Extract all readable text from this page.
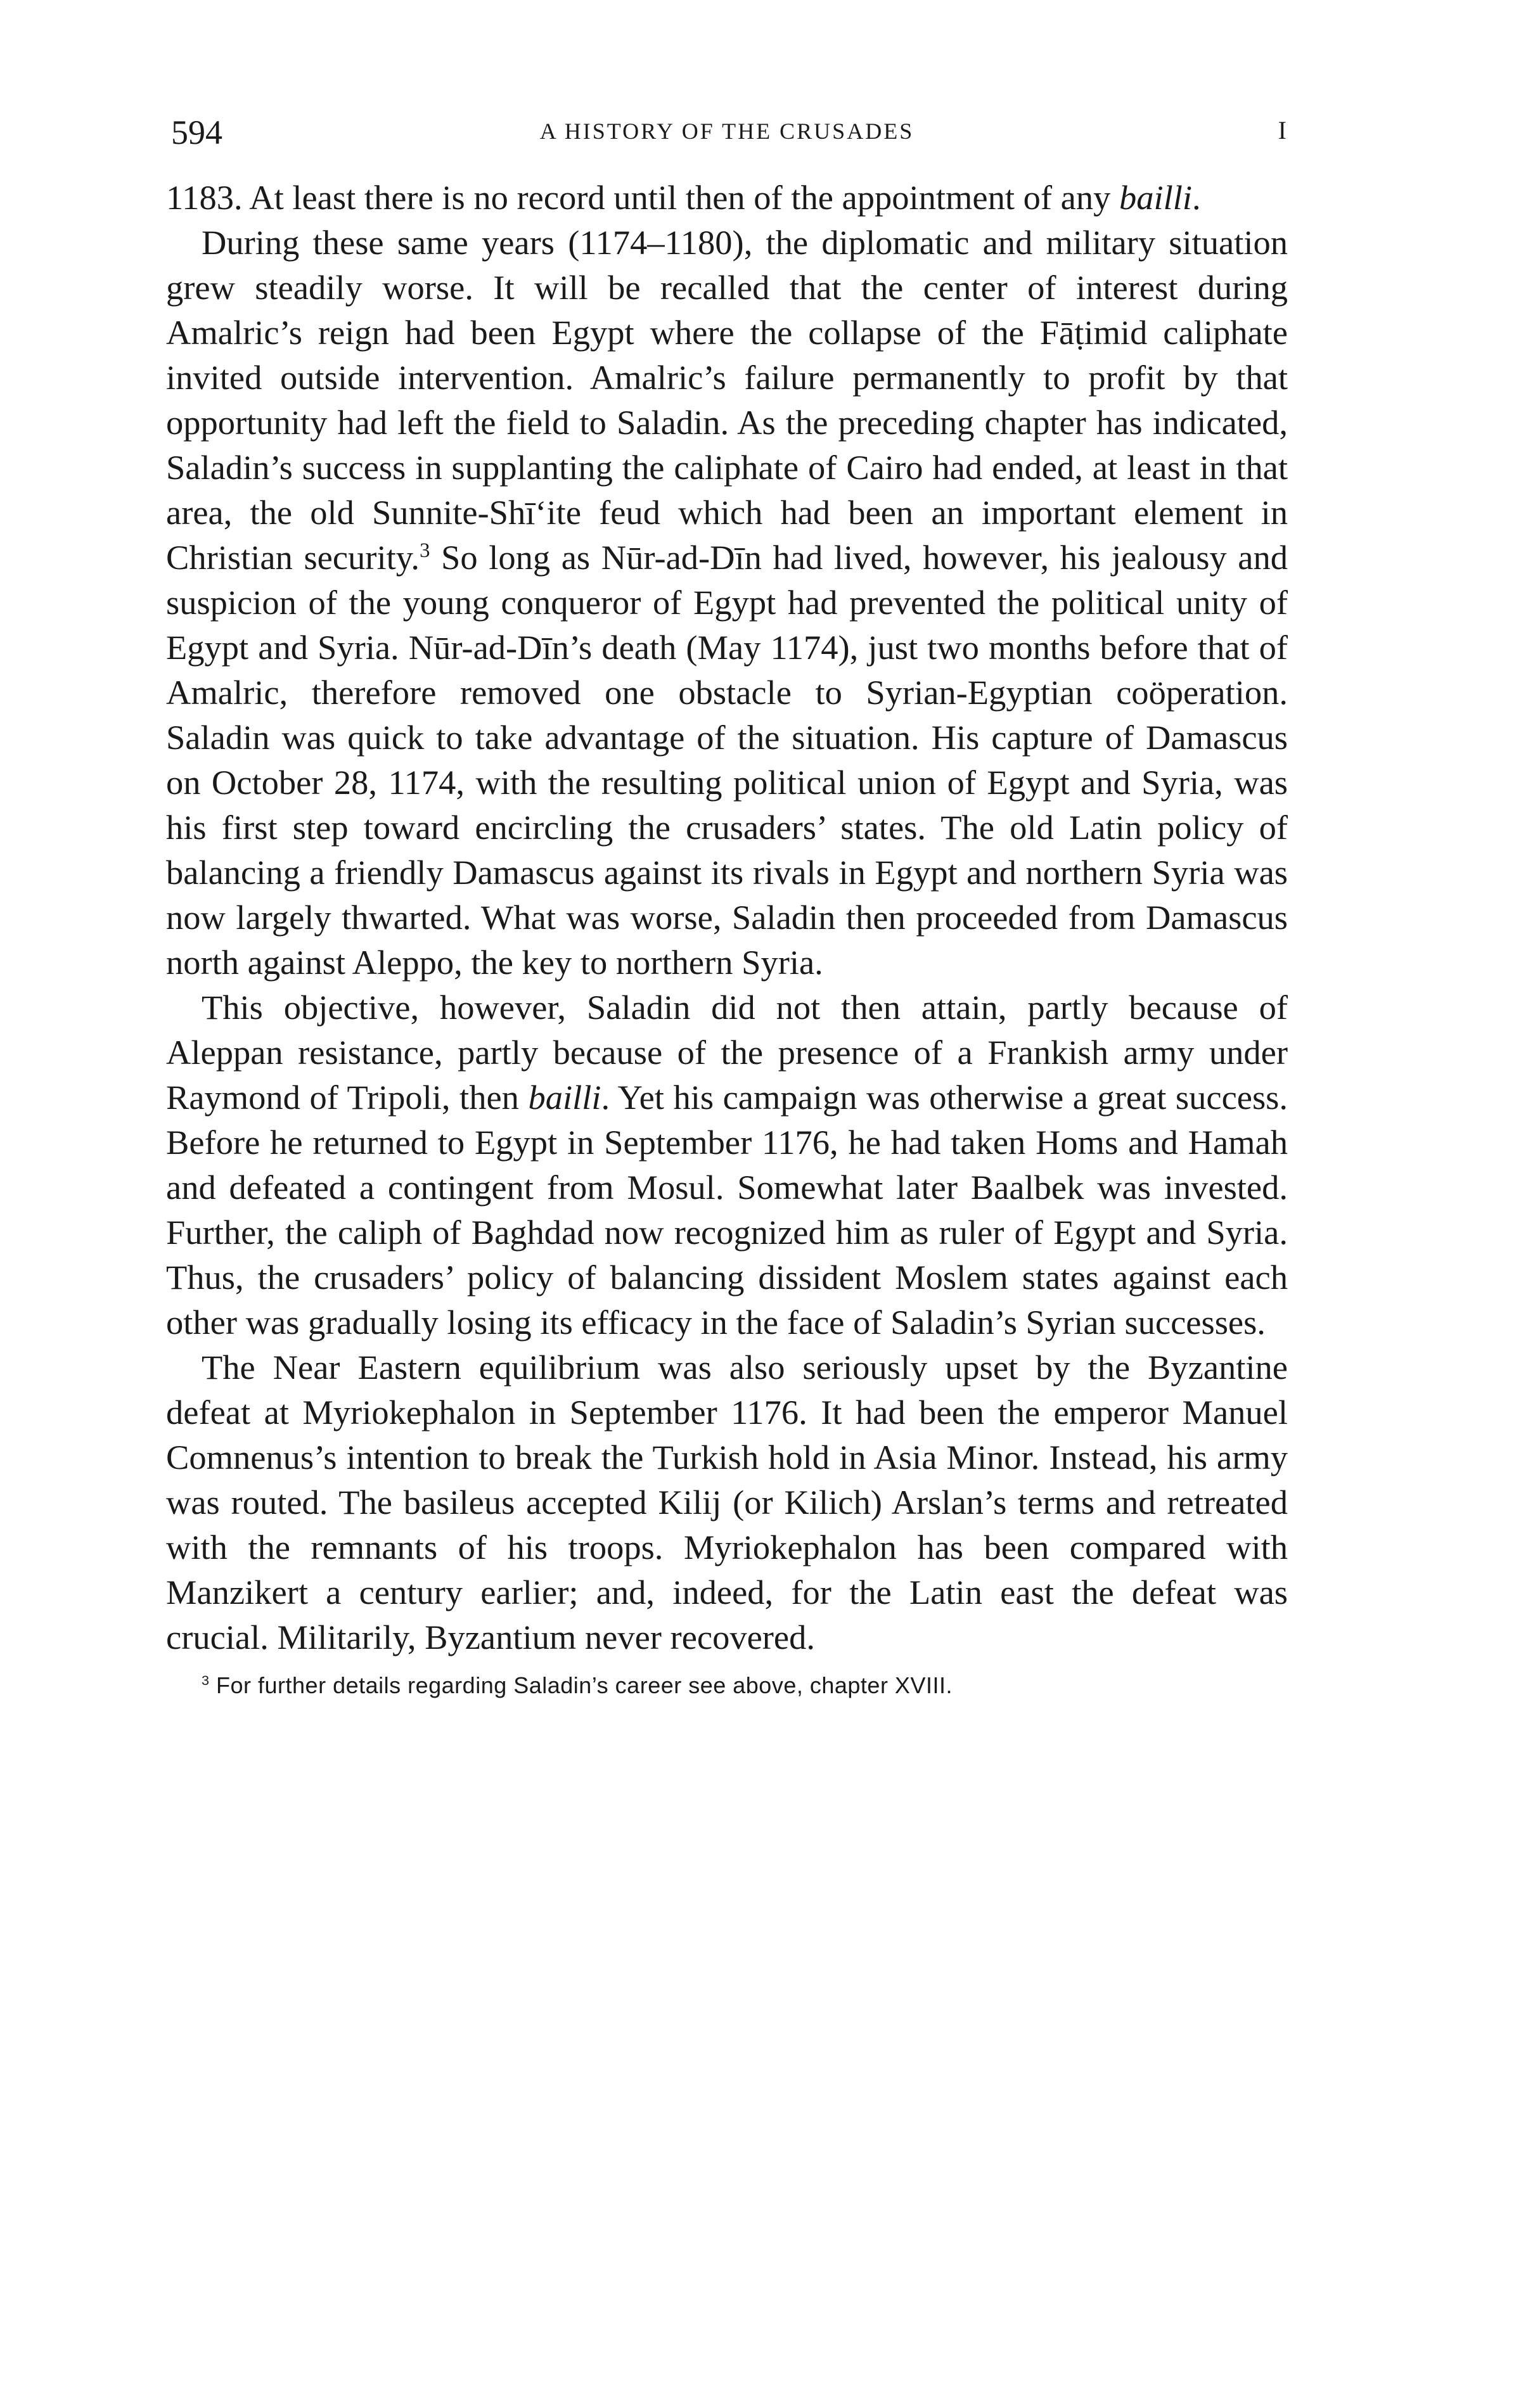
594	A HISTORY OF THE CRUSADES	I

1183. At least there is no record until then of the appointment of any bailli.

During these same years (1174–1180), the diplomatic and military situation grew steadily worse. It will be recalled that the center of interest during Amalric’s reign had been Egypt where the collapse of the Fāṭimid caliphate invited outside intervention. Amalric’s failure permanently to profit by that opportunity had left the field to Saladin. As the preceding chapter has indicated, Saladin’s success in supplanting the caliphate of Cairo had ended, at least in that area, the old Sunnite-Shī‘ite feud which had been an important element in Christian security.$^3$ So long as Nūr-ad-Dīn had lived, however, his jealousy and suspicion of the young conqueror of Egypt had prevented the political unity of Egypt and Syria. Nūr-ad-Dīn’s death (May 1174), just two months before that of Amalric, therefore removed one obstacle to Syrian-Egyptian coöperation. Saladin was quick to take advantage of the situation. His capture of Damascus on October 28, 1174, with the resulting political union of Egypt and Syria, was his first step toward encircling the crusaders’ states. The old Latin policy of balancing a friendly Damascus against its rivals in Egypt and northern Syria was now largely thwarted. What was worse, Saladin then proceeded from Damascus north against Aleppo, the key to northern Syria.

This objective, however, Saladin did not then attain, partly because of Aleppan resistance, partly because of the presence of a Frankish army under Raymond of Tripoli, then bailli. Yet his campaign was otherwise a great success. Before he returned to Egypt in September 1176, he had taken Homs and Hamah and defeated a contingent from Mosul. Somewhat later Baalbek was invested. Further, the caliph of Baghdad now recognized him as ruler of Egypt and Syria. Thus, the crusaders’ policy of balancing dissident Moslem states against each other was gradually losing its efficacy in the face of Saladin’s Syrian successes.

The Near Eastern equilibrium was also seriously upset by the Byzantine defeat at Myriokephalon in September 1176. It had been the emperor Manuel Comnenus’s intention to break the Turkish hold in Asia Minor. Instead, his army was routed. The basileus accepted Kilij (or Kilich) Arslan’s terms and retreated with the remnants of his troops. Myriokephalon has been compared with Manzikert a century earlier; and, indeed, for the Latin east the defeat was crucial. Militarily, Byzantium never recovered.

$^3$ For further details regarding Saladin’s career see above, chapter XVIII.
